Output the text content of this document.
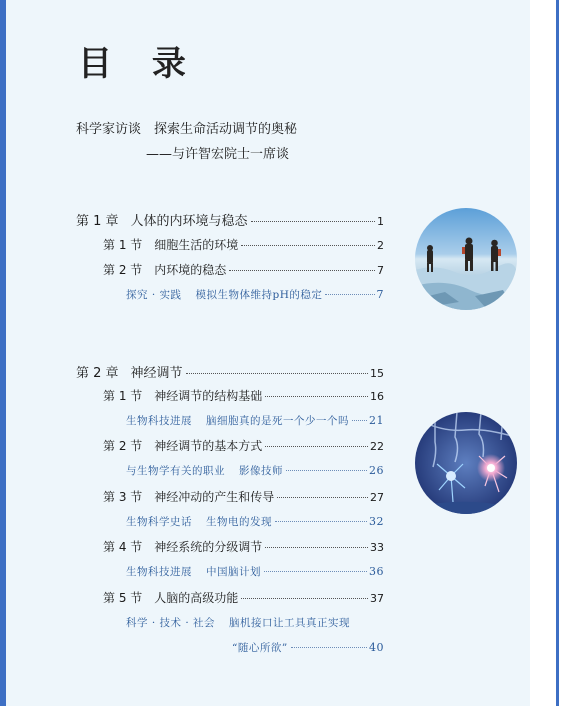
目 录
科学家访谈　探索生命活动调节的奥秘
——与许智宏院士一席谈
第 1 章 人体的内环境与稳态	1
第 1 节 细胞生活的环境	2
第 2 节 内环境的稳态	7
探究 · 实践 模拟生物体维持pH的稳定	7
第 2 章 神经调节	15
第 1 节 神经调节的结构基础	16
生物科技进展 脑细胞真的是死一个少一个吗 21
第 2 节 神经调节的基本方式	22
与生物学有关的职业 影像技师	26
第 3 节 神经冲动的产生和传导	27
生物科学史话 生物电的发现	32
第 4 节 神经系统的分级调节	33
生物科技进展 中国脑计划	36
第 5 节 人脑的高级功能	37
科学 · 技术 · 社会 脑机接口让工具真正实现
“随心所欲”	40
